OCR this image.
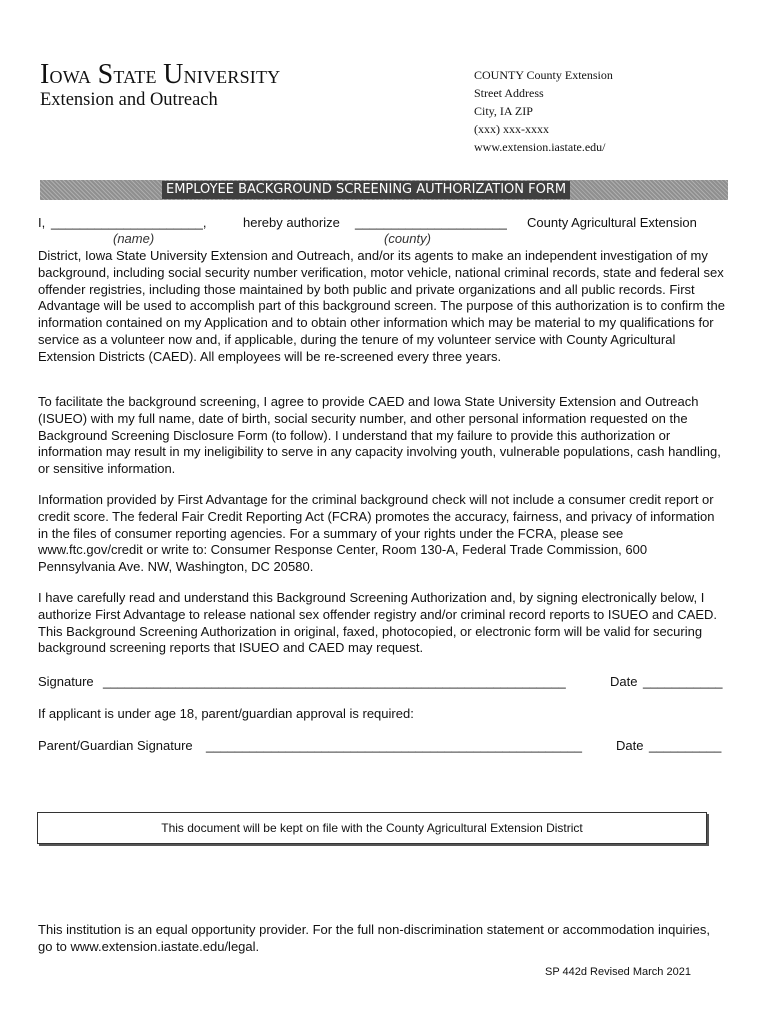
Iowa State University
Extension and Outreach
COUNTY County Extension
Street Address
City, IA ZIP
(xxx) xxx-xxxx
www.extension.iastate.edu/
EMPLOYEE BACKGROUND SCREENING AUTHORIZATION FORM
I, _____________________,	hereby authorize _____________________ County Agricultural Extension
(name)	(county)
District, Iowa State University Extension and Outreach, and/or its agents to make an independent investigation of my background, including social security number verification, motor vehicle, national criminal records, state and federal sex offender registries, including those maintained by both public and private organizations and all public records. First Advantage will be used to accomplish part of this background screen. The purpose of this authorization is to confirm the information contained on my Application and to obtain other information which may be material to my qualifications for service as a volunteer now and, if applicable, during the tenure of my volunteer service with County Agricultural Extension Districts (CAED). All employees will be re-screened every three years.
To facilitate the background screening, I agree to provide CAED and Iowa State University Extension and Outreach (ISUEO) with my full name, date of birth, social security number, and other personal information requested on the Background Screening Disclosure Form (to follow). I understand that my failure to provide this authorization or information may result in my ineligibility to serve in any capacity involving youth, vulnerable populations, cash handling, or sensitive information.
Information provided by First Advantage for the criminal background check will not include a consumer credit report or credit score. The federal Fair Credit Reporting Act (FCRA) promotes the accuracy, fairness, and privacy of information in the files of consumer reporting agencies. For a summary of your rights under the FCRA, please see www.ftc.gov/credit or write to: Consumer Response Center, Room 130-A, Federal Trade Commission, 600 Pennsylvania Ave. NW, Washington, DC 20580.
I have carefully read and understand this Background Screening Authorization and, by signing electronically below, I authorize First Advantage to release national sex offender registry and/or criminal record reports to ISUEO and CAED. This Background Screening Authorization in original, faxed, photocopied, or electronic form will be valid for securing background screening reports that ISUEO and CAED may request.
Signature ________________________________________________________________	Date ___________
If applicant is under age 18, parent/guardian approval is required:
Parent/Guardian Signature ____________________________________________________	Date __________
This document will be kept on file with the County Agricultural Extension District
This institution is an equal opportunity provider. For the full non-discrimination statement or accommodation inquiries, go to www.extension.iastate.edu/legal.
SP 442d Revised March 2021
